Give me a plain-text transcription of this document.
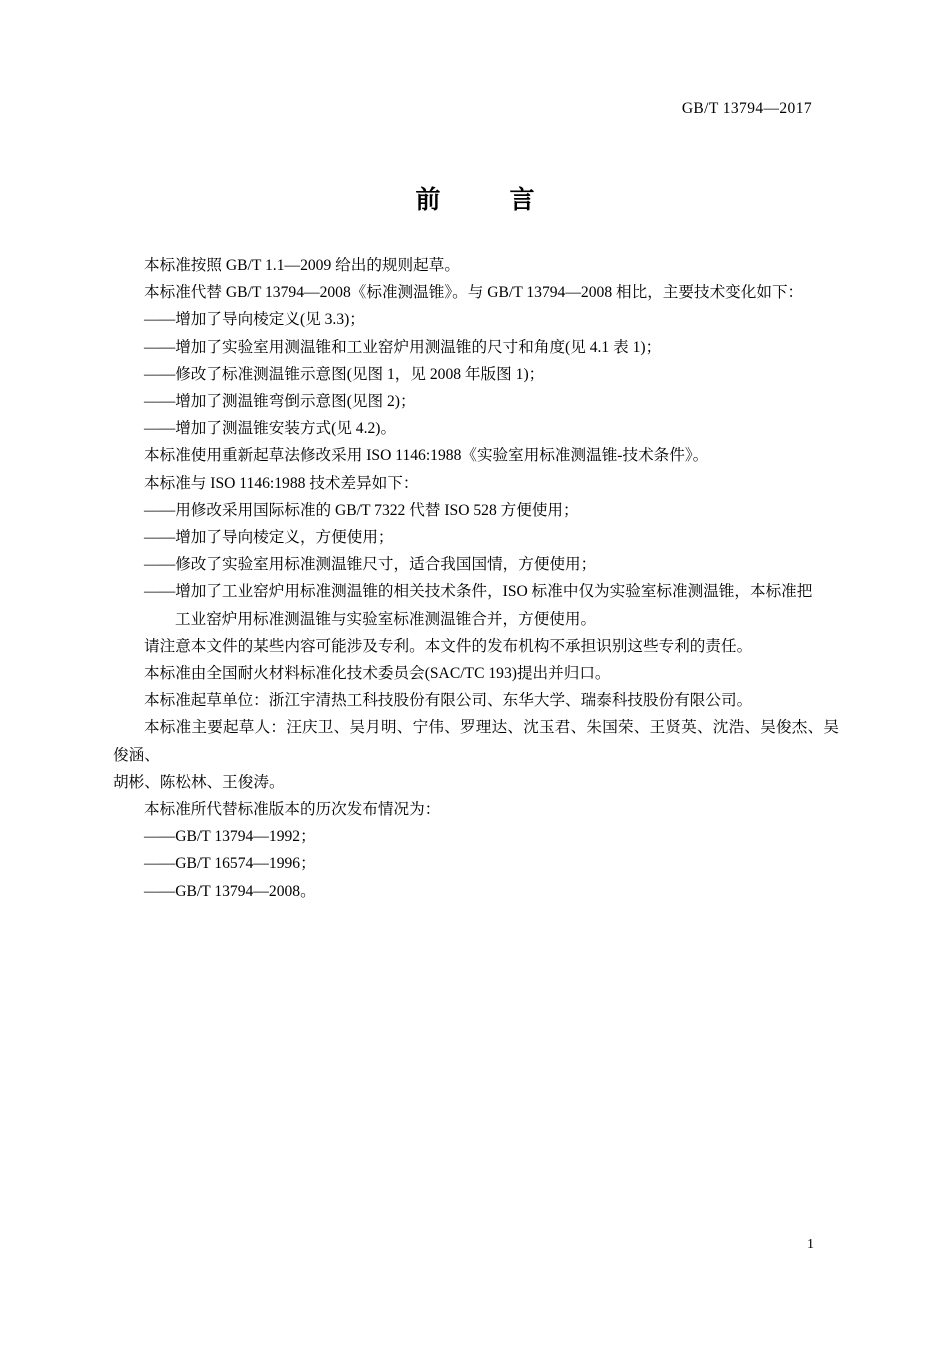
GB/T 13794—2017
前　言

本标准按照 GB/T 1.1—2009 给出的规则起草。

本标准代替 GB/T 13794—2008《标准测温锥》。与 GB/T 13794—2008 相比，主要技术变化如下：

——增加了导向棱定义(见 3.3)；

——增加了实验室用测温锥和工业窑炉用测温锥的尺寸和角度(见 4.1 表 1)；

——修改了标准测温锥示意图(见图 1，见 2008 年版图 1)；

——增加了测温锥弯倒示意图(见图 2)；

——增加了测温锥安装方式(见 4.2)。

本标准使用重新起草法修改采用 ISO 1146:1988《实验室用标准测温锥-技术条件》。

本标准与 ISO 1146:1988 技术差异如下：

——用修改采用国际标准的 GB/T 7322 代替 ISO 528 方便使用；

——增加了导向棱定义，方便使用；

——修改了实验室用标准测温锥尺寸，适合我国国情，方便使用；

——增加了工业窑炉用标准测温锥的相关技术条件，ISO 标准中仅为实验室标准测温锥，本标准把

工业窑炉用标准测温锥与实验室标准测温锥合并，方便使用。

请注意本文件的某些内容可能涉及专利。本文件的发布机构不承担识别这些专利的责任。

本标准由全国耐火材料标准化技术委员会(SAC/TC 193)提出并归口。

本标准起草单位：浙江宇清热工科技股份有限公司、东华大学、瑞泰科技股份有限公司。

本标准主要起草人：汪庆卫、吴月明、宁伟、罗理达、沈玉君、朱国荣、王贤英、沈浩、吴俊杰、吴俊涵、

胡彬、陈松林、王俊涛。

本标准所代替标准版本的历次发布情况为：

——GB/T 13794—1992；

——GB/T 16574—1996；

——GB/T 13794—2008。

1
